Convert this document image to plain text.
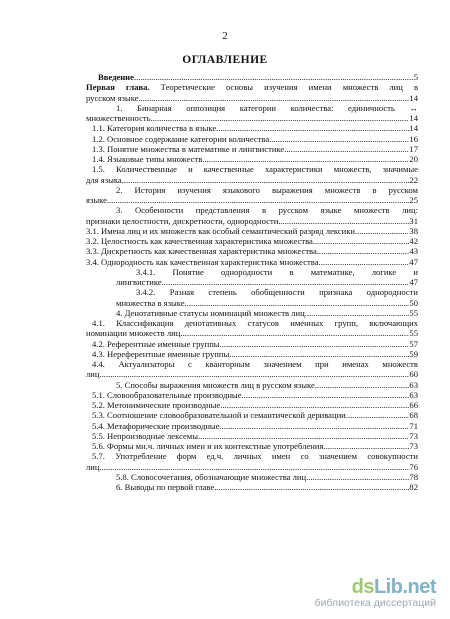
2
ОГЛАВЛЕНИЕ
Введение .....	5
Первая глава. Теоретические основы изучения имени множеств лиц в
русском языке .....	14
1. Бинарная оппозиция категории количества: единичность ↔
множественность .....	14
1.1. Категория количества в языке .....	14
1.2. Основное содержание категории количества .....	16
1.3. Понятие множества в математике и лингвистике .....	17
1.4. Языковые типы множеств .....	20
1.5. Количественные и качественные характеристики множеств, значимые
для языка .....	22
2. История изучения языкового выражения множеств в русском
языке .....	25
3. Особенности представления в русском языке множеств лиц:
признаки целостности, дискретности, однородности .....	31
3.1. Имена лиц и их множеств как особый семантический разряд лексики .....	38
3.2. Целостность как качественная характеристика множества .....	42
3.3. Дискретность как качественная характеристика множества .....	43
3.4. Однородность как качественная характеристика множества .....	47
3.4.1. Понятие однородности в математике, логике и
лингвистике .....	47
3.4.2. Разная степень обобщенности признака однородности
множества в языке .....	50
4. Денотативные статусы номинаций множеств лиц .....	55
4.1. Классификация денотативных статусов именных групп, включающих
номинации множеств лиц .....	55
4.2. Референтные именные группы .....	57
4.3. Нереферентные именные группы .....	59
4.4. Актуализаторы с кванторным значением при именах множеств
лиц .....	60
5. Способы выражения множеств лиц в русском языке .....	63
5.1. Словообразовательные производные .....	63
5.2. Метонимические производные .....	66
5.3. Соотношение словообразовательной и семантической деривации .....	68
5.4. Метафорические производные .....	71
5.5. Непроизводные лексемы .....	73
5.6. Формы мн.ч. личных имен и их контекстные употребления .....	73
5.7. Употребление форм ед.ч. личных имен со значением совокупности
лиц .....	76
5.8. Словосочетания, обозначающие множества лиц .....	78
6. Выводы по первой главе .....	82
dsLib.net
библиотека диссертаций
